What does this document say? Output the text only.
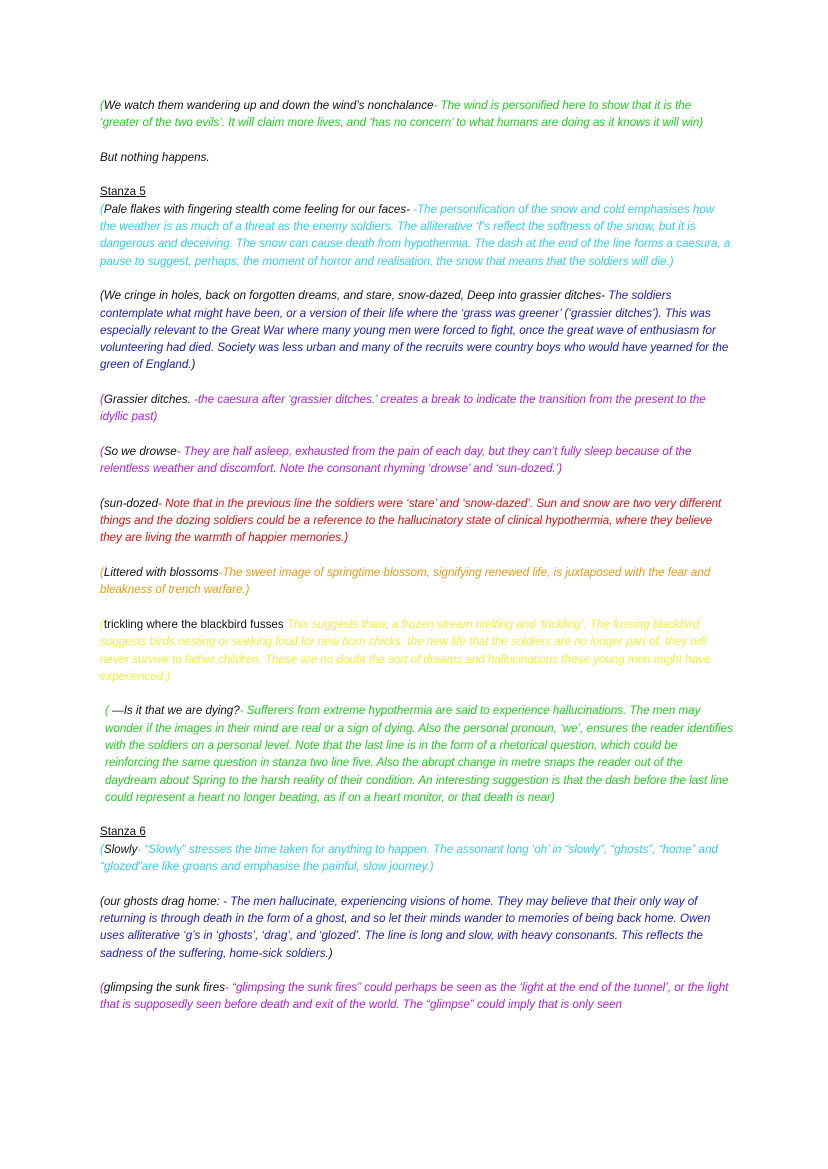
(We watch them wandering up and down the wind’s nonchalance- The wind is personified here to show that it is the ‘greater of the two evils’. It will claim more lives, and ‘has no concern’ to what humans are doing as it knows it will win)

But nothing happens.

Stanza 5

(Pale flakes with fingering stealth come feeling for our faces- -The personification of the snow and cold emphasises how the weather is as much of a threat as the enemy soldiers. The alliterative ‘f’s reflect the softness of the snow, but it is dangerous and deceiving. The snow can cause death from hypothermia. The dash at the end of the line forms a caesura, a pause to suggest, perhaps, the moment of horror and realisation, the snow that means that the soldiers will die.)

(We cringe in holes, back on forgotten dreams, and stare, snow-dazed, Deep into grassier ditches- The soldiers contemplate what might have been, or a version of their life where the ‘grass was greener’ (‘grassier ditches’). This was especially relevant to the Great War where many young men were forced to fight, once the great wave of enthusiasm for volunteering had died. Society was less urban and many of the recruits were country boys who would have yearned for the green of England.)

(Grassier ditches. -the caesura after ‘grassier ditches.’ creates a break to indicate the transition from the present to the idyllic past)

(So we drowse- They are half asleep, exhausted from the pain of each day, but they can’t fully sleep because of the relentless weather and discomfort. Note the consonant rhyming ‘drowse’ and ‘sun-dozed.’)

(sun-dozed- Note that in the previous line the soldiers were ‘stare’ and ‘snow-dazed’. Sun and snow are two very different things and the dozing soldiers could be a reference to the hallucinatory state of clinical hypothermia, where they believe they are living the warmth of happier memories.)

(Littered with blossoms-The sweet image of springtime blossom, signifying renewed life, is juxtaposed with the fear and bleakness of trench warfare.)

(trickling where the blackbird fusses This suggests thaw, a frozen stream melting and ‘trickling’. The fussing blackbird suggests birds nesting or seeking food for new born chicks, the new life that the soldiers are no longer part of, they will never survive to father children. These are no doubt the sort of dreams and hallucinations these young men might have experienced.)

( —Is it that we are dying?- Sufferers from extreme hypothermia are said to experience hallucinations. The men may wonder if the images in their mind are real or a sign of dying. Also the personal pronoun, ‘we’, ensures the reader identifies with the soldiers on a personal level. Note that the last line is in the form of a rhetorical question, which could be reinforcing the same question in stanza two line five. Also the abrupt change in metre snaps the reader out of the daydream about Spring to the harsh reality of their condition. An interesting suggestion is that the dash before the last line could represent a heart no longer beating, as if on a heart monitor, or that death is near)

Stanza 6

(Slowly- “Slowly” stresses the time taken for anything to happen. The assonant long ‘oh’ in “slowly”, “ghosts”, “home” and “glozed”are like groans and emphasise the painful, slow journey.)

(our ghosts drag home: - The men hallucinate, experiencing visions of home. They may believe that their only way of returning is through death in the form of a ghost, and so let their minds wander to memories of being back home. Owen uses alliterative ‘g’s in ‘ghosts’, ‘drag’, and ‘glozed’. The line is long and slow, with heavy consonants. This reflects the sadness of the suffering, home-sick soldiers.)

(glimpsing the sunk fires- “glimpsing the sunk fires” could perhaps be seen as the ‘light at the end of the tunnel’, or the light that is supposedly seen before death and exit of the world. The “glimpse” could imply that is only seen
